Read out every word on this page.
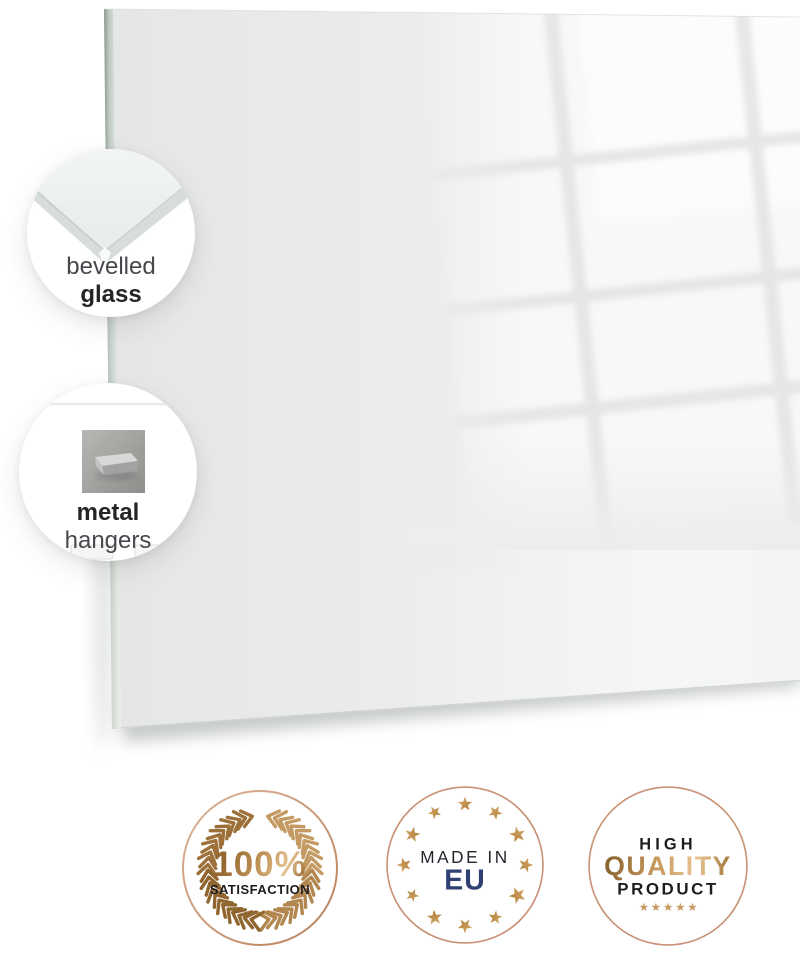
bevelled
glass
metal
hangers
100%
SATISFACTION
MADE IN
EU
HIGH
QUALITY
PRODUCT
★★★★★
